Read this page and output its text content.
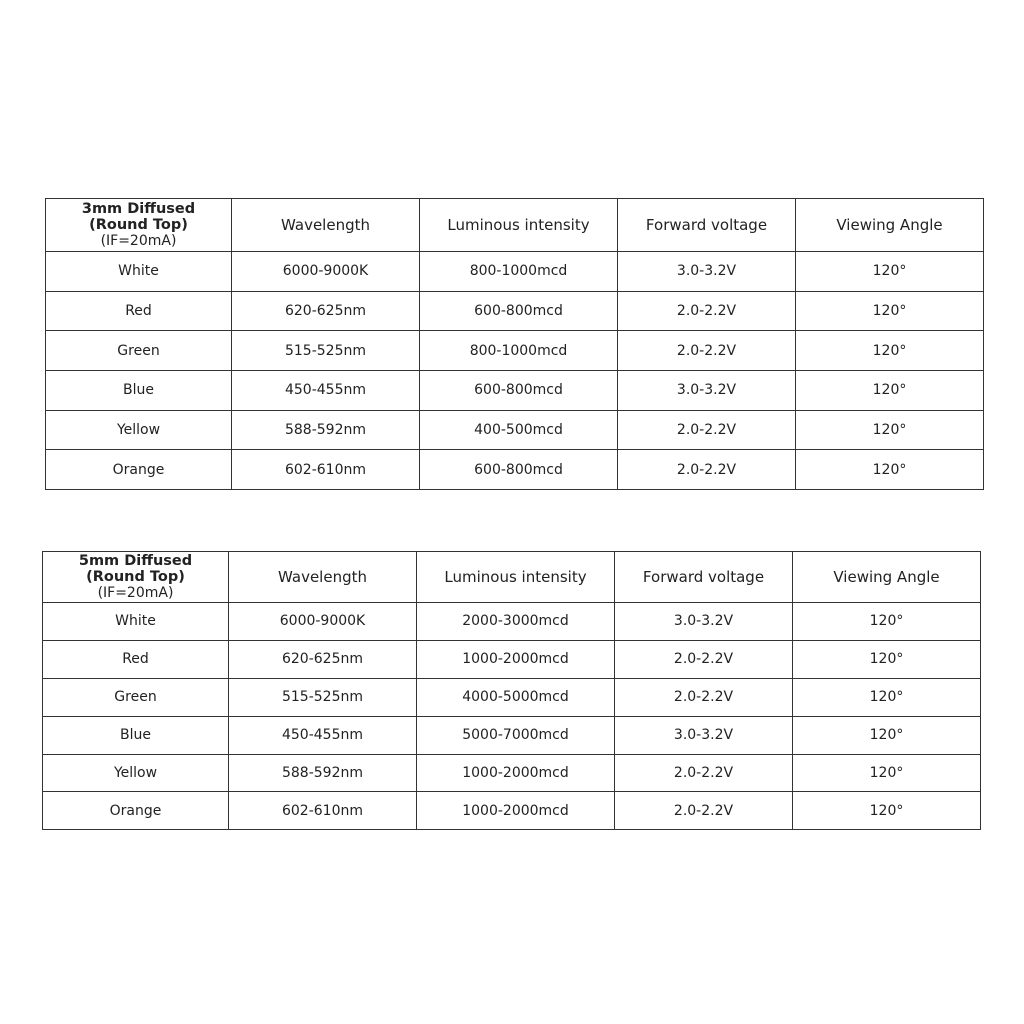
3mm Diffused
(Round Top)
(IF=20mA)	Wavelength	Luminous intensity	Forward voltage	Viewing Angle
White	6000-9000K	800-1000mcd	3.0-3.2V	120°
Red	620-625nm	600-800mcd	2.0-2.2V	120°
Green	515-525nm	800-1000mcd	2.0-2.2V	120°
Blue	450-455nm	600-800mcd	3.0-3.2V	120°
Yellow	588-592nm	400-500mcd	2.0-2.2V	120°
Orange	602-610nm	600-800mcd	2.0-2.2V	120°
5mm Diffused
(Round Top)
(IF=20mA)	Wavelength	Luminous intensity	Forward voltage	Viewing Angle
White	6000-9000K	2000-3000mcd	3.0-3.2V	120°
Red	620-625nm	1000-2000mcd	2.0-2.2V	120°
Green	515-525nm	4000-5000mcd	2.0-2.2V	120°
Blue	450-455nm	5000-7000mcd	3.0-3.2V	120°
Yellow	588-592nm	1000-2000mcd	2.0-2.2V	120°
Orange	602-610nm	1000-2000mcd	2.0-2.2V	120°
